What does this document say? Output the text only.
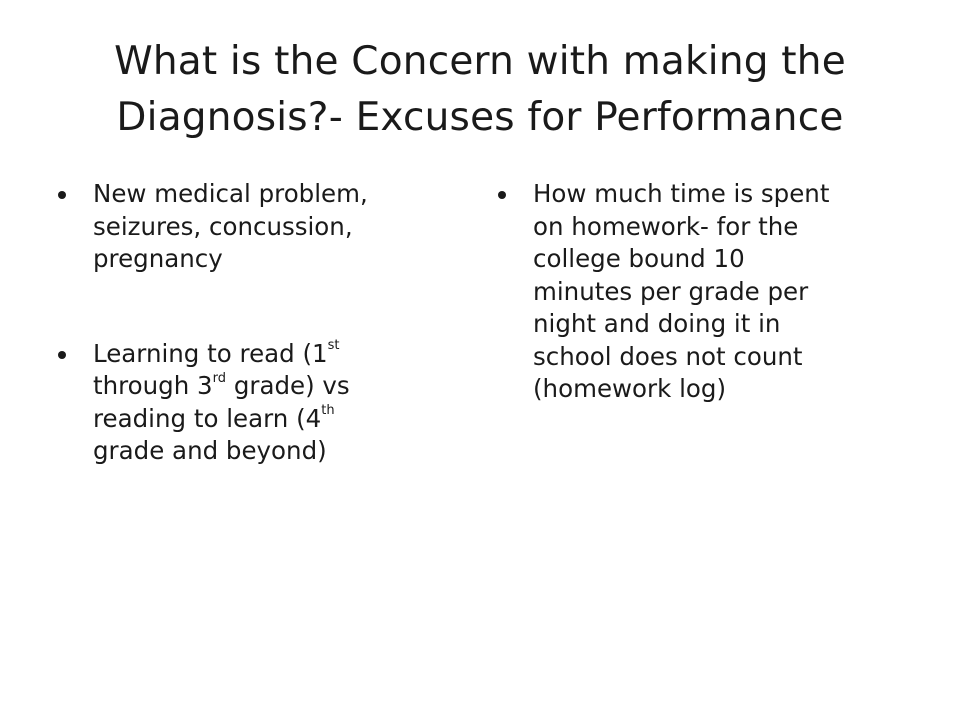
What is the Concern with making the
Diagnosis?- Excuses for Performance
New medical problem,
seizures, concussion,
pregnancy
Learning to read (1st
through 3rd grade) vs
reading to learn (4th
grade and beyond)
How much time is spent
on homework- for the
college bound 10
minutes per grade per
night and doing it in
school does not count
(homework log)
